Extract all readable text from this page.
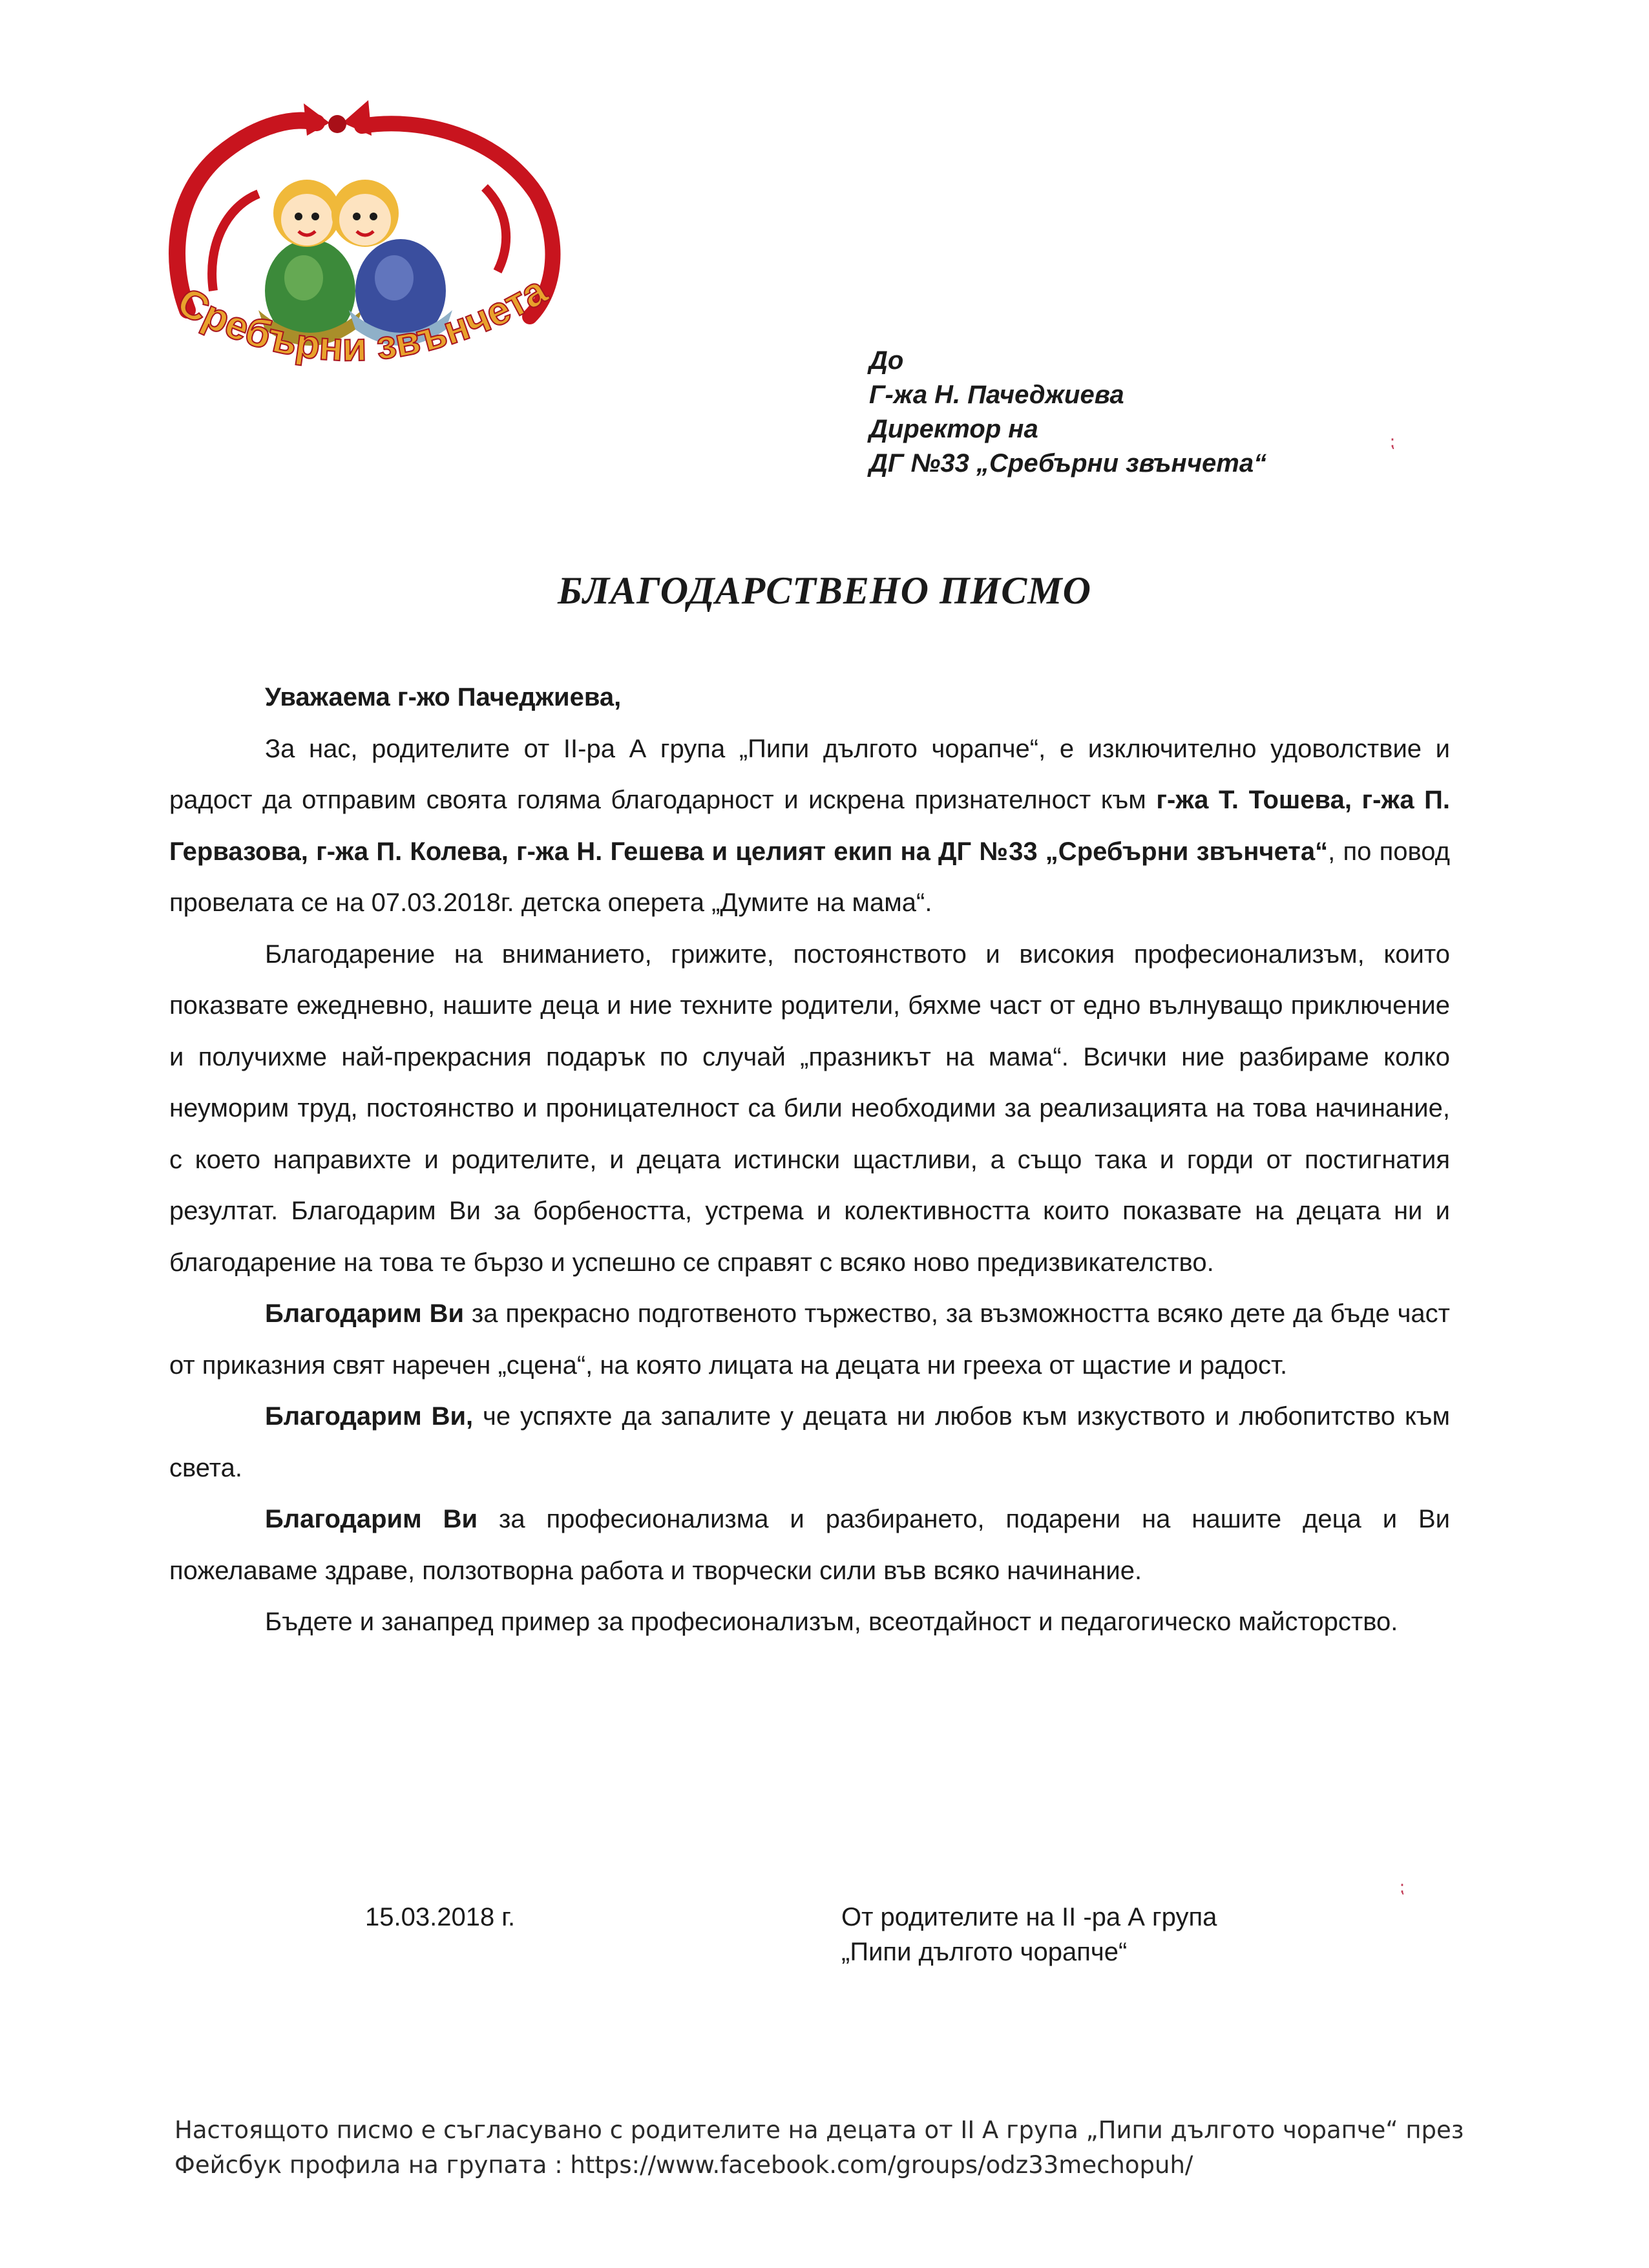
Сребърни звънчета
До
Г-жа Н. Пачеджиева
Директор на
ДГ №33 „Сребърни звънчета“
⁏
БЛАГОДАРСТВЕНО ПИСМО

Уважаема г-жо Пачеджиева,

За нас, родителите от II-ра А група „Пипи дългото чорапче“, е изключително удоволствие и радост да отправим своята голяма благодарност и искрена признателност към г-жа Т. Тошева, г-жа П. Гервазова, г-жа П. Колева, г-жа Н. Гешева и целият екип на ДГ №33 „Сребърни звънчета“, по повод провелата се на 07.03.2018г. детска оперета „Думите на мама“.

Благодарение на вниманието, грижите, постоянството и високия професионализъм, които показвате ежедневно, нашите деца и ние техните родители, бяхме част от едно вълнуващо приключение и получихме най-прекрасния подарък по случай „празникът на мама“. Всички ние разбираме колко неуморим труд, постоянство и проницателност са били необходими за реализацията на това начинание, с което направихте и родителите, и децата истински щастливи, а също така и горди от постигнатия резултат. Благодарим Ви за борбеността, устрема и колективността които показвате на децата ни и благодарение на това те бързо и успешно се справят с всяко ново предизвикателство.

Благодарим Ви за прекрасно подготвеното тържество, за възможността всяко дете да бъде част от приказния свят наречен „сцена“, на която лицата на децата ни грееха от щастие и радост.

Благодарим Ви, че успяхте да запалите у децата ни любов към изкуството и любопитство към света.

Благодарим Ви за професионализма и разбирането, подарени на нашите деца и Ви пожелаваме здраве, ползотворна работа и творчески сили във всяко начинание.

Бъдете и занапред пример за професионализъм, всеотдайност и педагогическо майсторство.

⁏
15.03.2018 г.	От родителите на II -ра А група
„Пипи дългото чорапче“
Настоящото писмо е съгласувано с родителите на децата от II А група „Пипи дългото чорапче“ през
Фейсбук профила на групата : https://www.facebook.com/groups/odz33mechopuh/
